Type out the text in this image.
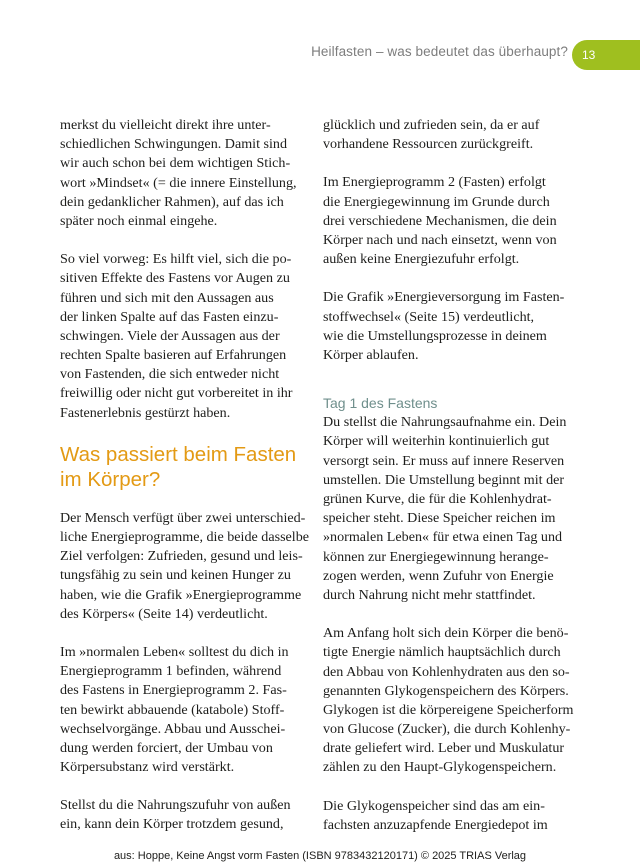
Heilfasten – was bedeutet das überhaupt?	13
merkst du vielleicht direkt ihre unter-
schiedlichen Schwingungen. Damit sind
wir auch schon bei dem wichtigen Stich-
wort »Mindset« (= die innere Einstellung,
dein gedanklicher Rahmen), auf das ich
später noch einmal eingehe.
So viel vorweg: Es hilft viel, sich die po-
sitiven Effekte des Fastens vor Augen zu
führen und sich mit den Aussagen aus
der linken Spalte auf das Fasten einzu-
schwingen. Viele der Aussagen aus der
rechten Spalte basieren auf Erfahrungen
von Fastenden, die sich entweder nicht
freiwillig oder nicht gut vorbereitet in ihr
Fastenerlebnis gestürzt haben.
Was passiert beim Fasten
im Körper?
Der Mensch verfügt über zwei unterschied-
liche Energieprogramme, die beide dasselbe
Ziel verfolgen: Zufrieden, gesund und leis-
tungsfähig zu sein und keinen Hunger zu
haben, wie die Grafik »Energieprogramme
des Körpers« (Seite 14) verdeutlicht.
Im »normalen Leben« solltest du dich in
Energieprogramm 1 befinden, während
des Fastens in Energieprogramm 2. Fas-
ten bewirkt abbauende (katabole) Stoff-
wechselvorgänge. Abbau und Ausschei-
dung werden forciert, der Umbau von
Körpersubstanz wird verstärkt.
Stellst du die Nahrungszufuhr von außen
ein, kann dein Körper trotzdem gesund,
glücklich und zufrieden sein, da er auf
vorhandene Ressourcen zurückgreift.
Im Energieprogramm 2 (Fasten) erfolgt
die Energiegewinnung im Grunde durch
drei verschiedene Mechanismen, die dein
Körper nach und nach einsetzt, wenn von
außen keine Energiezufuhr erfolgt.
Die Grafik »Energieversorgung im Fasten-
stoffwechsel« (Seite 15) verdeutlicht,
wie die Umstellungsprozesse in deinem
Körper ablaufen.
Tag 1 des Fastens
Du stellst die Nahrungsaufnahme ein. Dein
Körper will weiterhin kontinuierlich gut
versorgt sein. Er muss auf innere Reserven
umstellen. Die Umstellung beginnt mit der
grünen Kurve, die für die Kohlenhydrat-
speicher steht. Diese Speicher reichen im
»normalen Leben« für etwa einen Tag und
können zur Energiegewinnung herange-
zogen werden, wenn Zufuhr von Energie
durch Nahrung nicht mehr stattfindet.
Am Anfang holt sich dein Körper die benö-
tigte Energie nämlich hauptsächlich durch
den Abbau von Kohlenhydraten aus den so-
genannten Glykogenspeichern des Körpers.
Glykogen ist die körpereigene Speicherform
von Glucose (Zucker), die durch Kohlenhy-
drate geliefert wird. Leber und Muskulatur
zählen zu den Haupt-Glykogenspeichern.
Die Glykogenspeicher sind das am ein-
fachsten anzuzapfende Energiedepot im
aus: Hoppe, Keine Angst vorm Fasten (ISBN 9783432120171) © 2025 TRIAS Verlag
